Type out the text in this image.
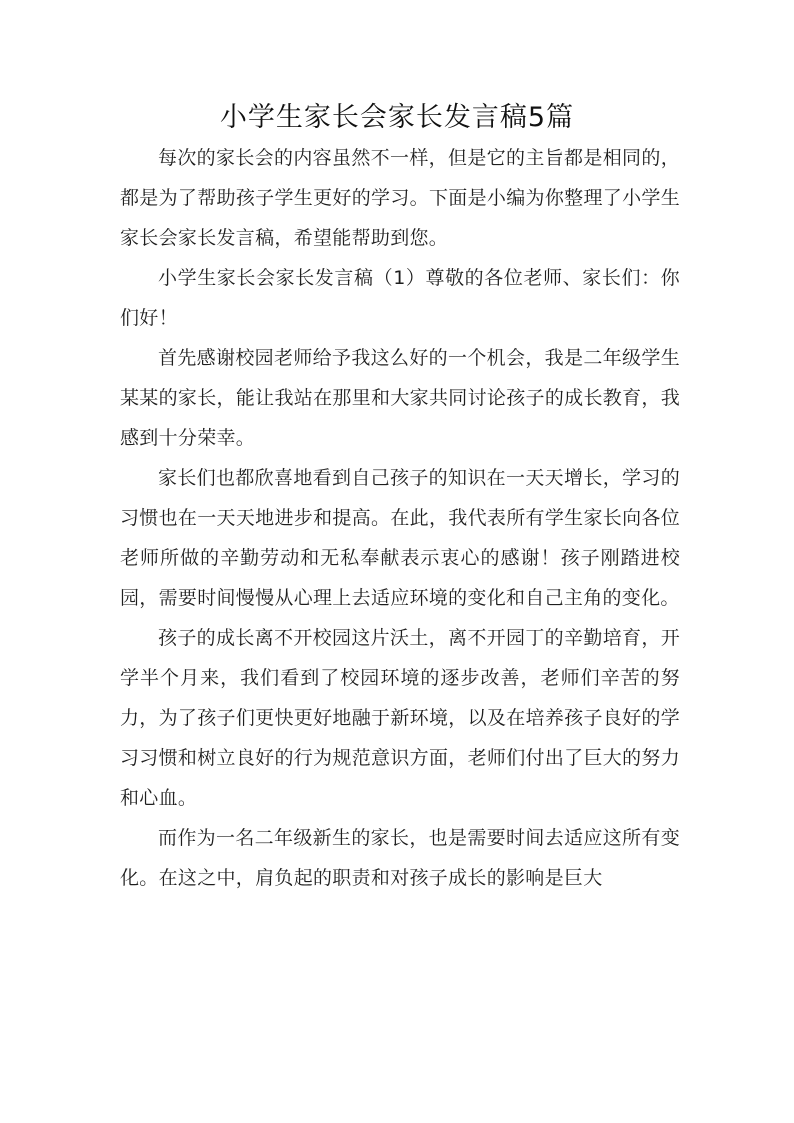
小学生家长会家长发言稿5篇

每次的家长会的内容虽然不一样，但是它的主旨都是相同的，都是为了帮助孩子学生更好的学习。下面是小编为你整理了小学生家长会家长发言稿，希望能帮助到您。

小学生家长会家长发言稿（1）尊敬的各位老师、家长们：你们好！

首先感谢校园老师给予我这么好的一个机会，我是二年级学生某某的家长，能让我站在那里和大家共同讨论孩子的成长教育，我感到十分荣幸。

家长们也都欣喜地看到自己孩子的知识在一天天增长，学习的习惯也在一天天地进步和提高。在此，我代表所有学生家长向各位老师所做的辛勤劳动和无私奉献表示衷心的感谢！孩子刚踏进校园，需要时间慢慢从心理上去适应环境的变化和自己主角的变化。

孩子的成长离不开校园这片沃土，离不开园丁的辛勤培育，开学半个月来，我们看到了校园环境的逐步改善，老师们辛苦的努力，为了孩子们更快更好地融于新环境，以及在培养孩子良好的学习习惯和树立良好的行为规范意识方面，老师们付出了巨大的努力和心血。

而作为一名二年级新生的家长，也是需要时间去适应这所有变化。在这之中，肩负起的职责和对孩子成长的影响是巨大
